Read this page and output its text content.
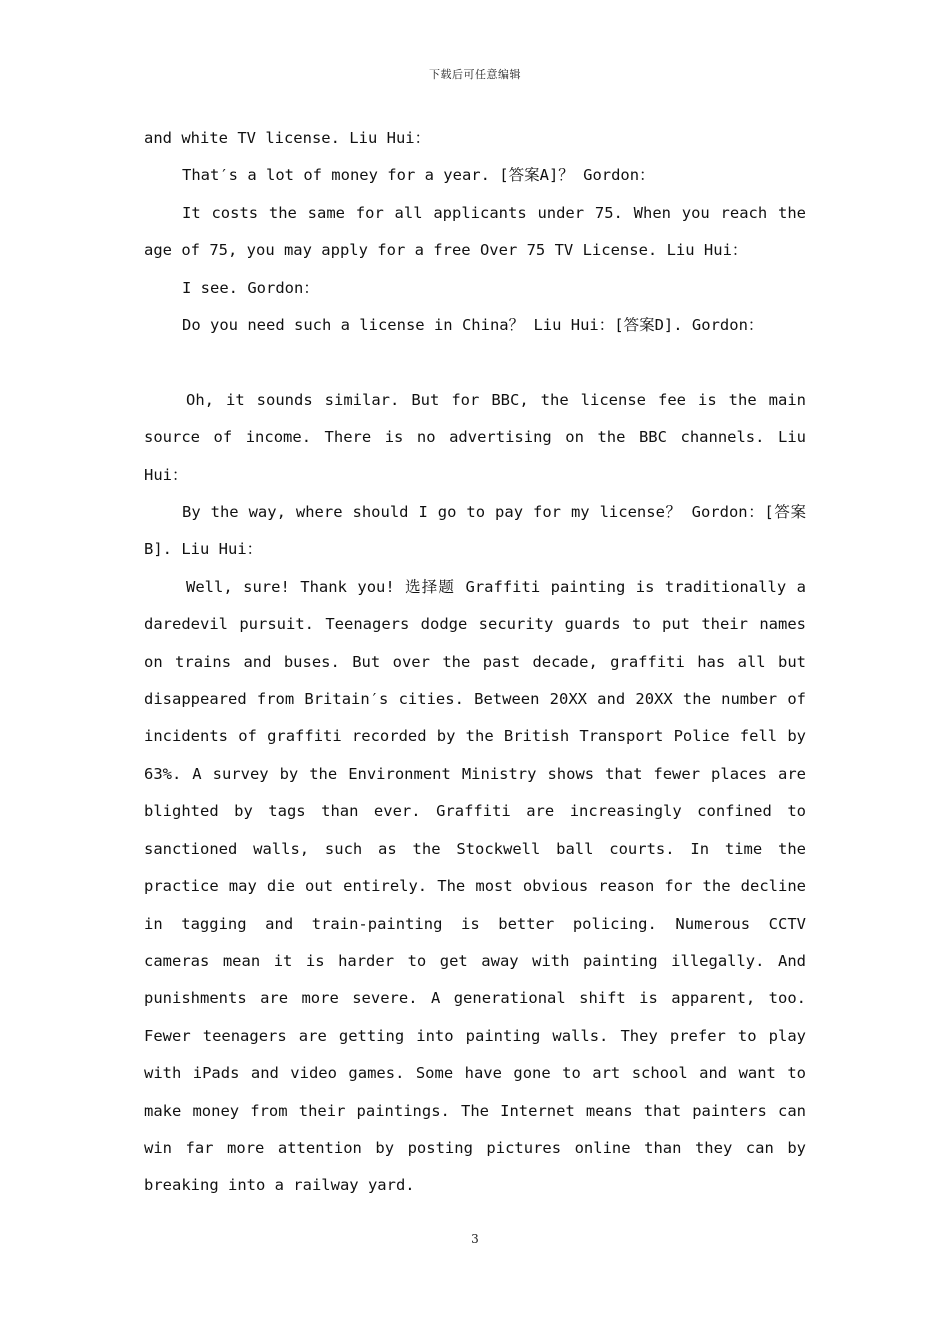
下载后可任意编辑

and white TV license. Liu Hui：

That′s a lot of money for a year. [答案A]？ Gordon：

It costs the same for all applicants under 75. When you reach the age of 75, you may apply for a free Over 75 TV License. Liu Hui：

I see. Gordon：

Do you need such a license in China？ Liu Hui：[答案D]. Gordon：

Oh, it sounds similar. But for BBC, the license fee is the main source of income. There is no advertising on the BBC channels. Liu Hui：

By the way, where should I go to pay for my license？ Gordon：[答案B]. Liu Hui：

Well, sure! Thank you! 选择题 Graffiti painting is traditionally a daredevil pursuit. Teenagers dodge security guards to put their names on trains and buses. But over the past decade, graffiti has all but disappeared from Britain′s cities. Between 20XX and 20XX the number of incidents of graffiti recorded by the British Transport Police fell by 63%. A survey by the Environment Ministry shows that fewer places are blighted by tags than ever. Graffiti are increasingly confined to sanctioned walls, such as the Stockwell ball courts. In time the practice may die out entirely. The most obvious reason for the decline in tagging and train-painting is better policing. Numerous CCTV cameras mean it is harder to get away with painting illegally. And punishments are more severe. A generational shift is apparent, too. Fewer teenagers are getting into painting walls. They prefer to play with iPads and video games. Some have gone to art school and want to make money from their paintings. The Internet means that painters can win far more attention by posting pictures online than they can by breaking into a railway yard.

3
